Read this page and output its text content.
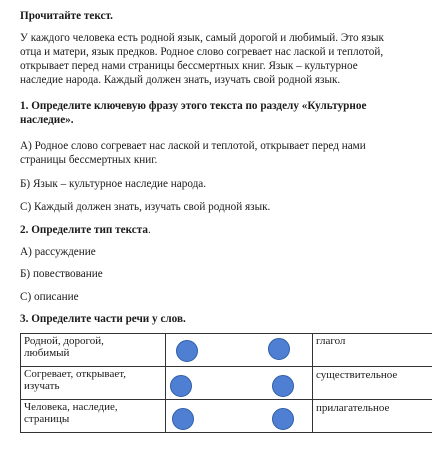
Прочитайте текст.
У каждого человека есть родной язык, самый дорогой и любимый. Это язык
отца и матери, язык предков. Родное слово согревает нас лаской и теплотой,
открывает перед нами страницы бессмертных книг. Язык – культурное
наследие народа. Каждый должен знать, изучать свой родной язык.
1. Определите ключевую фразу этого текста по разделу «Культурное
наследие».
А) Родное слово согревает нас лаской и теплотой, открывает перед нами
страницы бессмертных книг.
Б) Язык – культурное наследие народа.
С) Каждый должен знать, изучать свой родной язык.
2. Определите тип текста.
А) рассуждение
Б) повествование
С) описание
3. Определите части речи у слов.
Родной, дорогой,
любимый		глагол
Согревает, открывает,
изучать		существительное
Человека, наследие,
страницы		прилагательное
